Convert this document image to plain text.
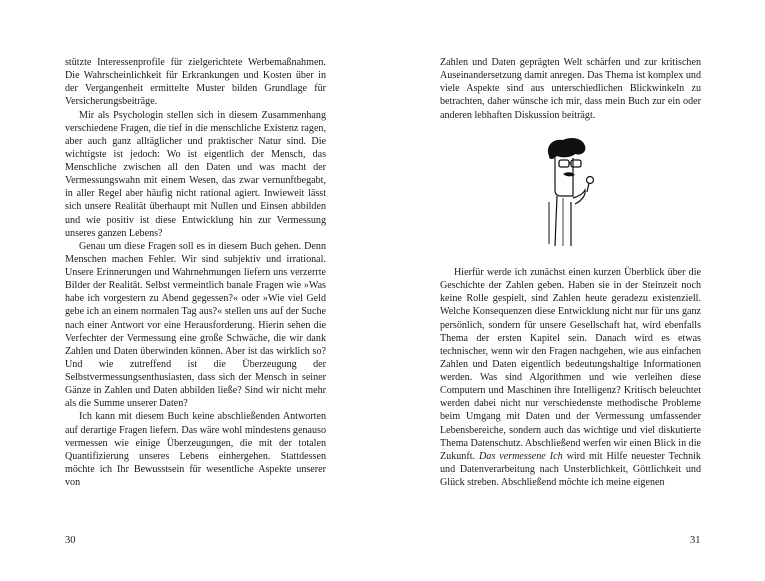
stützte Interessenprofile für zielgerichtete Werbemaßnahmen. Die Wahrscheinlichkeit für Erkrankungen und Kosten über in der Vergangenheit ermittelte Muster bilden Grundlage für Versicherungsbeiträge.

Mir als Psychologin stellen sich in diesem Zusammenhang verschiedene Fragen, die tief in die menschliche Existenz ragen, aber auch ganz alltäglicher und praktischer Natur sind. Die wichtigste ist jedoch: Wo ist eigentlich der Mensch, das Menschliche zwischen all den Daten und was macht der Vermessungswahn mit einem Wesen, das zwar vernunftbegabt, in aller Regel aber häufig nicht rational agiert. Inwieweit lässt sich unsere Realität überhaupt mit Nullen und Einsen abbilden und wie positiv ist diese Entwicklung hin zur Vermessung unseres ganzen Lebens?

Genau um diese Fragen soll es in diesem Buch gehen. Denn Menschen machen Fehler. Wir sind subjektiv und irrational. Unsere Erinnerungen und Wahrnehmungen liefern uns verzerrte Bilder der Realität. Selbst vermeintlich banale Fragen wie »Was habe ich vorgestern zu Abend gegessen?« oder »Wie viel Geld gebe ich an einem normalen Tag aus?« stellen uns auf der Suche nach einer Antwort vor eine Herausforderung. Hierin sehen die Verfechter der Vermessung eine große Schwäche, die wir dank Zahlen und Daten überwinden können. Aber ist das wirklich so? Und wie zutreffend ist die Überzeugung der Selbstvermessungsenthusiasten, dass sich der Mensch in seiner Gänze in Zahlen und Daten abbilden ließe? Sind wir nicht mehr als die Summe unserer Daten?

Ich kann mit diesem Buch keine abschließenden Antworten auf derartige Fragen liefern. Das wäre wohl mindestens genauso vermessen wie einige Überzeugungen, die mit der totalen Quantifizierung unseres Lebens einhergehen. Stattdessen möchte ich Ihr Bewusstsein für wesentliche Aspekte unserer von

30

Zahlen und Daten geprägten Welt schärfen und zur kritischen Auseinandersetzung damit anregen. Das Thema ist komplex und viele Aspekte sind aus unterschiedlichen Blickwinkeln zu betrachten, daher wünsche ich mir, dass mein Buch zur ein oder anderen lebhaften Diskussion beiträgt.

Hierfür werde ich zunächst einen kurzen Überblick über die Geschichte der Zahlen geben. Haben sie in der Steinzeit noch keine Rolle gespielt, sind Zahlen heute geradezu existenziell. Welche Konsequenzen diese Entwicklung nicht nur für uns ganz persönlich, sondern für unsere Gesellschaft hat, wird ebenfalls Thema der ersten Kapitel sein. Danach wird es etwas technischer, wenn wir den Fragen nachgehen, wie aus einfachen Zahlen und Daten eigentlich bedeutungshaltige Informationen werden. Was sind Algorithmen und wie verleihen diese Computern und Maschinen ihre Intelligenz? Kritisch beleuchtet werden dabei nicht nur verschiedenste methodische Probleme beim Umgang mit Daten und der Vermessung umfassender Lebensbereiche, sondern auch das wichtige und viel diskutierte Thema Datenschutz. Abschließend werfen wir einen Blick in die Zukunft. Das vermessene Ich wird mit Hilfe neuester Technik und Datenverarbeitung nach Unsterblichkeit, Göttlichkeit und Glück streben. Abschließend möchte ich meine eigenen

31
